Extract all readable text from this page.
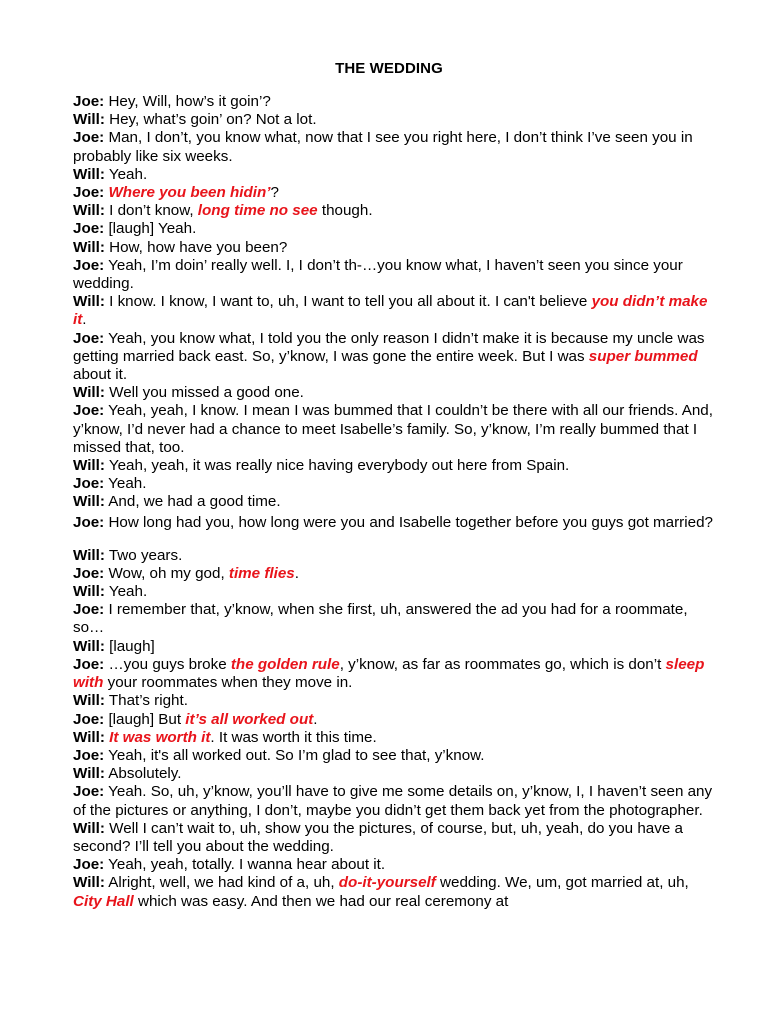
THE WEDDING
Joe: Hey, Will, how’s it goin’?
Will: Hey, what’s goin’ on? Not a lot.
Joe: Man, I don’t, you know what, now that I see you right here, I don’t think I’ve seen you in probably like six weeks.
Will: Yeah.
Joe: Where you been hidin’?
Will: I don’t know, long time no see though.
Joe: [laugh] Yeah.
Will: How, how have you been?
Joe: Yeah, I’m doin’ really well. I, I don’t th-…you know what, I haven’t seen you since your wedding.
Will: I know. I know, I want to, uh, I want to tell you all about it. I can't believe you didn’t make it.
Joe: Yeah, you know what, I told you the only reason I didn’t make it is because my uncle was getting married back east. So, y’know, I was gone the entire week. But I was super bummed about it.
Will: Well you missed a good one.
Joe: Yeah, yeah, I know. I mean I was bummed that I couldn’t be there with all our friends. And, y’know, I’d never had a chance to meet Isabelle’s family. So, y’know, I’m really bummed that I missed that, too.
Will: Yeah, yeah, it was really nice having everybody out here from Spain.
Joe: Yeah.
Will: And, we had a good time.
Joe: How long had you, how long were you and Isabelle together before you guys got married?
Will: Two years.
Joe: Wow, oh my god, time flies.
Will: Yeah.
Joe: I remember that, y’know, when she first, uh, answered the ad you had for a roommate, so…
Will: [laugh]
Joe: …you guys broke the golden rule, y’know, as far as roommates go, which is don’t sleep with your roommates when they move in.
Will: That’s right.
Joe: [laugh] But it’s all worked out.
Will: It was worth it. It was worth it this time.
Joe: Yeah, it's all worked out. So I’m glad to see that, y’know.
Will: Absolutely.
Joe: Yeah. So, uh, y’know, you’ll have to give me some details on, y’know, I, I haven’t seen any of the pictures or anything, I don’t, maybe you didn’t get them back yet from the photographer.
Will: Well I can’t wait to, uh, show you the pictures, of course, but, uh, yeah, do you have a second? I’ll tell you about the wedding.
Joe: Yeah, yeah, totally. I wanna hear about it.
Will: Alright, well, we had kind of a, uh, do-it-yourself wedding. We, um, got married at, uh, City Hall which was easy. And then we had our real ceremony at
